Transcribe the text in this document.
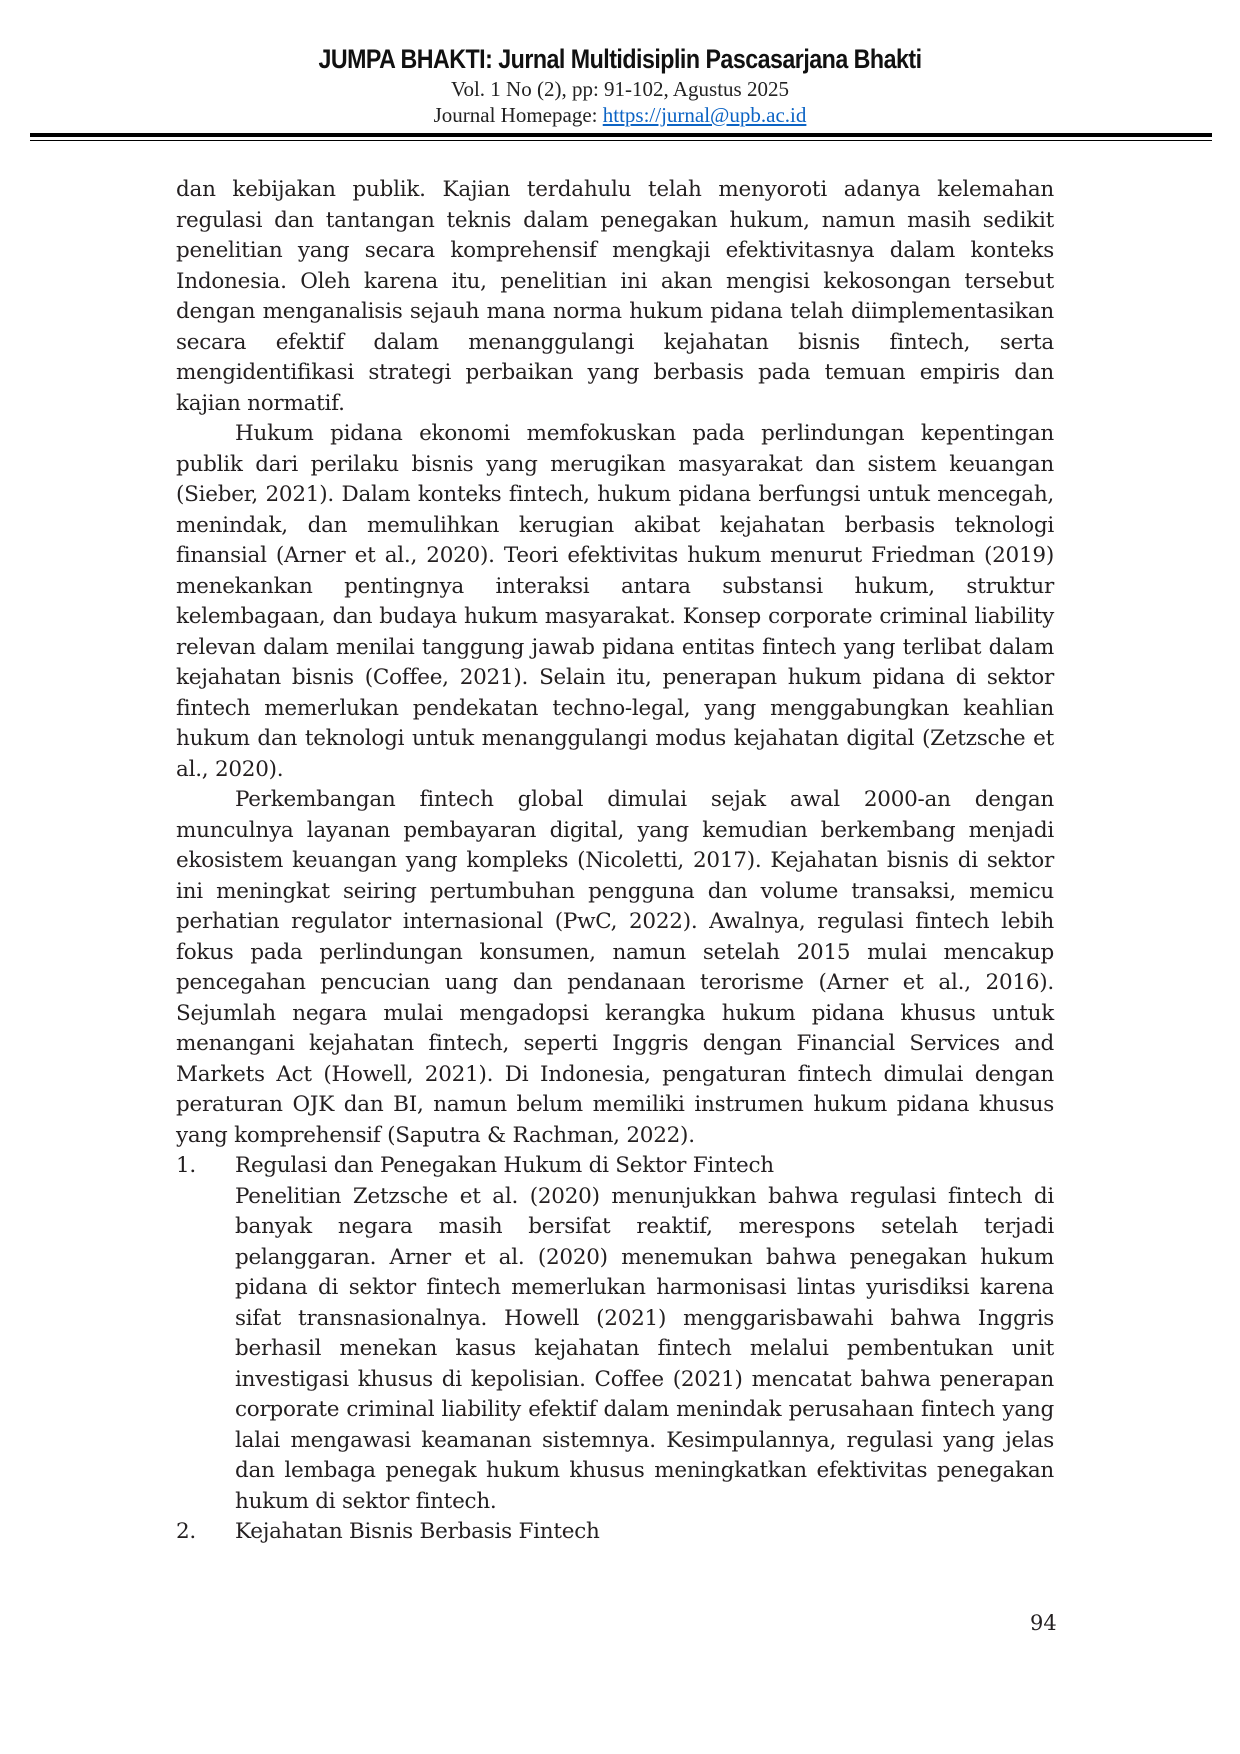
JUMPA BHAKTI: Jurnal Multidisiplin Pascasarjana Bhakti
Vol. 1 No (2), pp: 91-102, Agustus 2025
Journal Homepage: https://jurnal@upb.ac.id

dan kebijakan publik. Kajian terdahulu telah menyoroti adanya kelemahan regulasi dan tantangan teknis dalam penegakan hukum, namun masih sedikit penelitian yang secara komprehensif mengkaji efektivitasnya dalam konteks Indonesia. Oleh karena itu, penelitian ini akan mengisi kekosongan tersebut dengan menganalisis sejauh mana norma hukum pidana telah diimplementasikan secara efektif dalam menanggulangi kejahatan bisnis fintech, serta mengidentifikasi strategi perbaikan yang berbasis pada temuan empiris dan kajian normatif.

Hukum pidana ekonomi memfokuskan pada perlindungan kepentingan publik dari perilaku bisnis yang merugikan masyarakat dan sistem keuangan (Sieber, 2021). Dalam konteks fintech, hukum pidana berfungsi untuk mencegah, menindak, dan memulihkan kerugian akibat kejahatan berbasis teknologi finansial (Arner et al., 2020). Teori efektivitas hukum menurut Friedman (2019) menekankan pentingnya interaksi antara substansi hukum, struktur kelembagaan, dan budaya hukum masyarakat. Konsep corporate criminal liability relevan dalam menilai tanggung jawab pidana entitas fintech yang terlibat dalam kejahatan bisnis (Coffee, 2021). Selain itu, penerapan hukum pidana di sektor fintech memerlukan pendekatan techno-legal, yang menggabungkan keahlian hukum dan teknologi untuk menanggulangi modus kejahatan digital (Zetzsche et al., 2020).

Perkembangan fintech global dimulai sejak awal 2000-an dengan munculnya layanan pembayaran digital, yang kemudian berkembang menjadi ekosistem keuangan yang kompleks (Nicoletti, 2017). Kejahatan bisnis di sektor ini meningkat seiring pertumbuhan pengguna dan volume transaksi, memicu perhatian regulator internasional (PwC, 2022). Awalnya, regulasi fintech lebih fokus pada perlindungan konsumen, namun setelah 2015 mulai mencakup pencegahan pencucian uang dan pendanaan terorisme (Arner et al., 2016). Sejumlah negara mulai mengadopsi kerangka hukum pidana khusus untuk menangani kejahatan fintech, seperti Inggris dengan Financial Services and Markets Act (Howell, 2021). Di Indonesia, pengaturan fintech dimulai dengan peraturan OJK dan BI, namun belum memiliki instrumen hukum pidana khusus yang komprehensif (Saputra & Rachman, 2022).

1.	Regulasi dan Penegakan Hukum di Sektor Fintech

Penelitian Zetzsche et al. (2020) menunjukkan bahwa regulasi fintech di banyak negara masih bersifat reaktif, merespons setelah terjadi pelanggaran. Arner et al. (2020) menemukan bahwa penegakan hukum pidana di sektor fintech memerlukan harmonisasi lintas yurisdiksi karena sifat transnasionalnya. Howell (2021) menggarisbawahi bahwa Inggris berhasil menekan kasus kejahatan fintech melalui pembentukan unit investigasi khusus di kepolisian. Coffee (2021) mencatat bahwa penerapan corporate criminal liability efektif dalam menindak perusahaan fintech yang lalai mengawasi keamanan sistemnya. Kesimpulannya, regulasi yang jelas dan lembaga penegak hukum khusus meningkatkan efektivitas penegakan hukum di sektor fintech.

2.	Kejahatan Bisnis Berbasis Fintech
94
